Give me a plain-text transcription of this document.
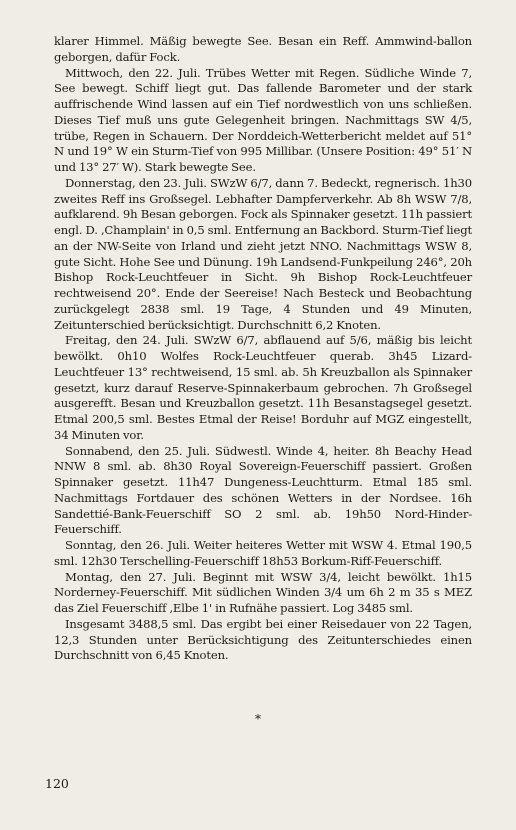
klarer Himmel. Mäßig bewegte See. Besan ein Reff. Ammwind-ballon geborgen, dafür Fock.

Mittwoch, den 22. Juli. Trübes Wetter mit Regen. Südliche Winde 7, See bewegt. Schiff liegt gut. Das fallende Barometer und der stark auffrischende Wind lassen auf ein Tief nordwestlich von uns schließen. Dieses Tief muß uns gute Gelegenheit bringen. Nachmittags SW 4/5, trübe, Regen in Schauern. Der Norddeich-Wetterbericht meldet auf 51° N und 19° W ein Sturm-Tief von 995 Millibar. (Unsere Position: 49° 51′ N und 13° 27′ W). Stark bewegte See.

Donnerstag, den 23. Juli. SWzW 6/7, dann 7. Bedeckt, regnerisch. 1h30 zweites Reff ins Großsegel. Lebhafter Dampferverkehr. Ab 8h WSW 7/8, aufklarend. 9h Besan geborgen. Fock als Spinnaker gesetzt. 11h passiert engl. D. ‚Champlain' in 0,5 sml. Entfernung an Backbord. Sturm-Tief liegt an der NW-Seite von Irland und zieht jetzt NNO. Nachmittags WSW 8, gute Sicht. Hohe See und Dünung. 19h Landsend-Funkpeilung 246°, 20h Bishop Rock-Leuchtfeuer in Sicht. 9h Bishop Rock-Leuchtfeuer rechtweisend 20°. Ende der Seereise! Nach Besteck und Beobachtung zurückgelegt 2838 sml. 19 Tage, 4 Stunden und 49 Minuten, Zeitunterschied berücksichtigt. Durchschnitt 6,2 Knoten.

Freitag, den 24. Juli. SWzW 6/7, abflauend auf 5/6, mäßig bis leicht bewölkt. 0h10 Wolfes Rock-Leuchtfeuer querab. 3h45 Lizard-Leuchtfeuer 13° rechtweisend, 15 sml. ab. 5h Kreuzballon als Spinnaker gesetzt, kurz darauf Reserve-Spinnakerbaum gebrochen. 7h Großsegel ausgerefft. Besan und Kreuzballon gesetzt. 11h Besanstagsegel gesetzt. Etmal 200,5 sml. Bestes Etmal der Reise! Borduhr auf MGZ eingestellt, 34 Minuten vor.

Sonnabend, den 25. Juli. Südwestl. Winde 4, heiter. 8h Beachy Head NNW 8 sml. ab. 8h30 Royal Sovereign-Feuerschiff passiert. Großen Spinnaker gesetzt. 11h47 Dungeness-Leuchtturm. Etmal 185 sml. Nachmittags Fortdauer des schönen Wetters in der Nordsee. 16h Sandettié-Bank-Feuerschiff SO 2 sml. ab. 19h50 Nord-Hinder-Feuerschiff.

Sonntag, den 26. Juli. Weiter heiteres Wetter mit WSW 4. Etmal 190,5 sml. 12h30 Terschelling-Feuerschiff 18h53 Borkum-Riff-Feuerschiff.

Montag, den 27. Juli. Beginnt mit WSW 3/4, leicht bewölkt. 1h15 Norderney-Feuerschiff. Mit südlichen Winden 3/4 um 6h 2 m 35 s MEZ das Ziel Feuerschiff ‚Elbe 1' in Rufnähe passiert. Log 3485 sml.

Insgesamt 3488,5 sml. Das ergibt bei einer Reisedauer von 22 Tagen, 12,3 Stunden unter Berücksichtigung des Zeitunterschiedes einen Durchschnitt von 6,45 Knoten.

*
120
